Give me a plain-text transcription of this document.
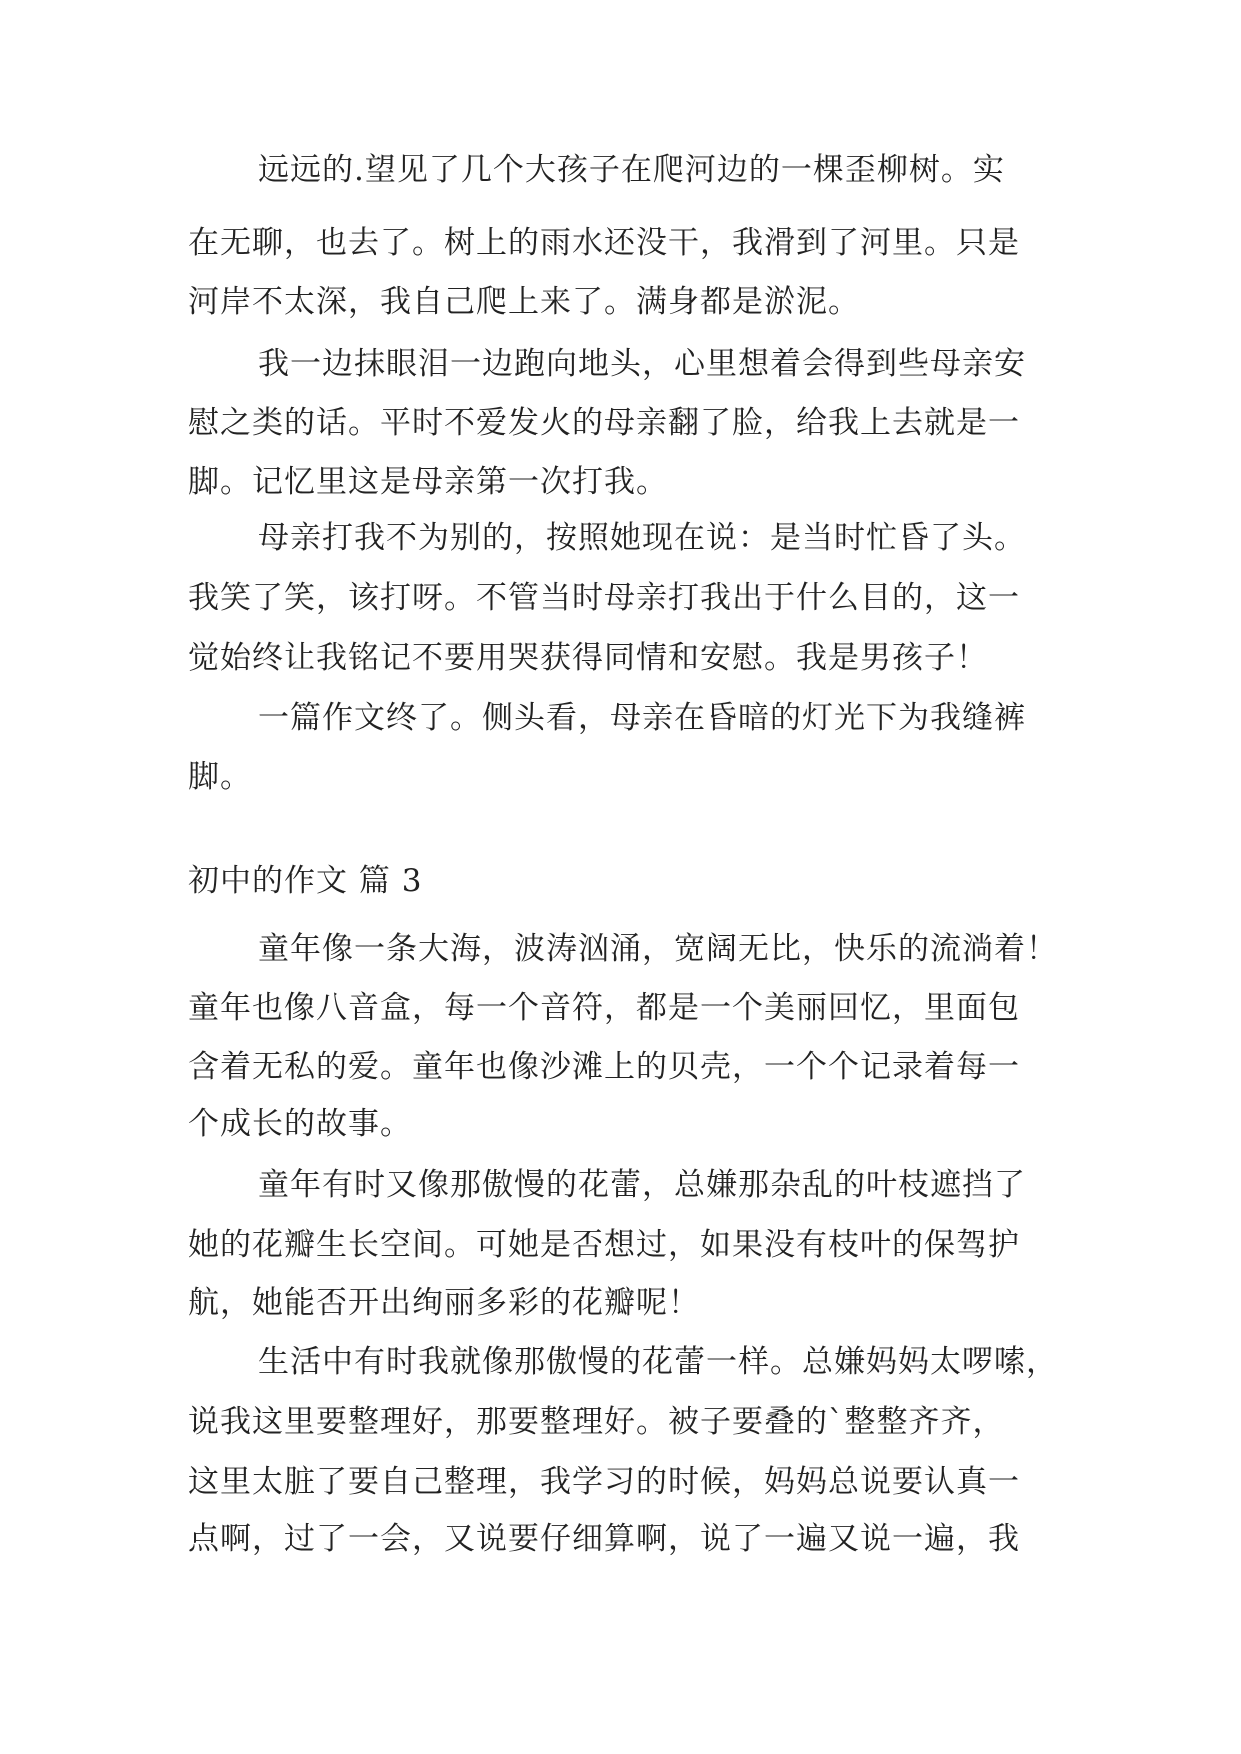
远远的.望见了几个大孩子在爬河边的一棵歪柳树。实
在无聊，也去了。树上的雨水还没干，我滑到了河里。只是
河岸不太深，我自己爬上来了。满身都是淤泥。
我一边抹眼泪一边跑向地头，心里想着会得到些母亲安
慰之类的话。平时不爱发火的母亲翻了脸，给我上去就是一
脚。记忆里这是母亲第一次打我。
母亲打我不为别的，按照她现在说：是当时忙昏了头。
我笑了笑，该打呀。不管当时母亲打我出于什么目的，这一
觉始终让我铭记不要用哭获得同情和安慰。我是男孩子！
一篇作文终了。侧头看，母亲在昏暗的灯光下为我缝裤
脚。
初中的作文 篇 3
童年像一条大海，波涛汹涌，宽阔无比，快乐的流淌着！
童年也像八音盒，每一个音符，都是一个美丽回忆，里面包
含着无私的爱。童年也像沙滩上的贝壳，一个个记录着每一
个成长的故事。
童年有时又像那傲慢的花蕾，总嫌那杂乱的叶枝遮挡了
她的花瓣生长空间。可她是否想过，如果没有枝叶的保驾护
航，她能否开出绚丽多彩的花瓣呢！
生活中有时我就像那傲慢的花蕾一样。总嫌妈妈太啰嗦，
说我这里要整理好，那要整理好。被子要叠的`整整齐齐，
这里太脏了要自己整理，我学习的时候，妈妈总说要认真一
点啊，过了一会，又说要仔细算啊，说了一遍又说一遍，我
